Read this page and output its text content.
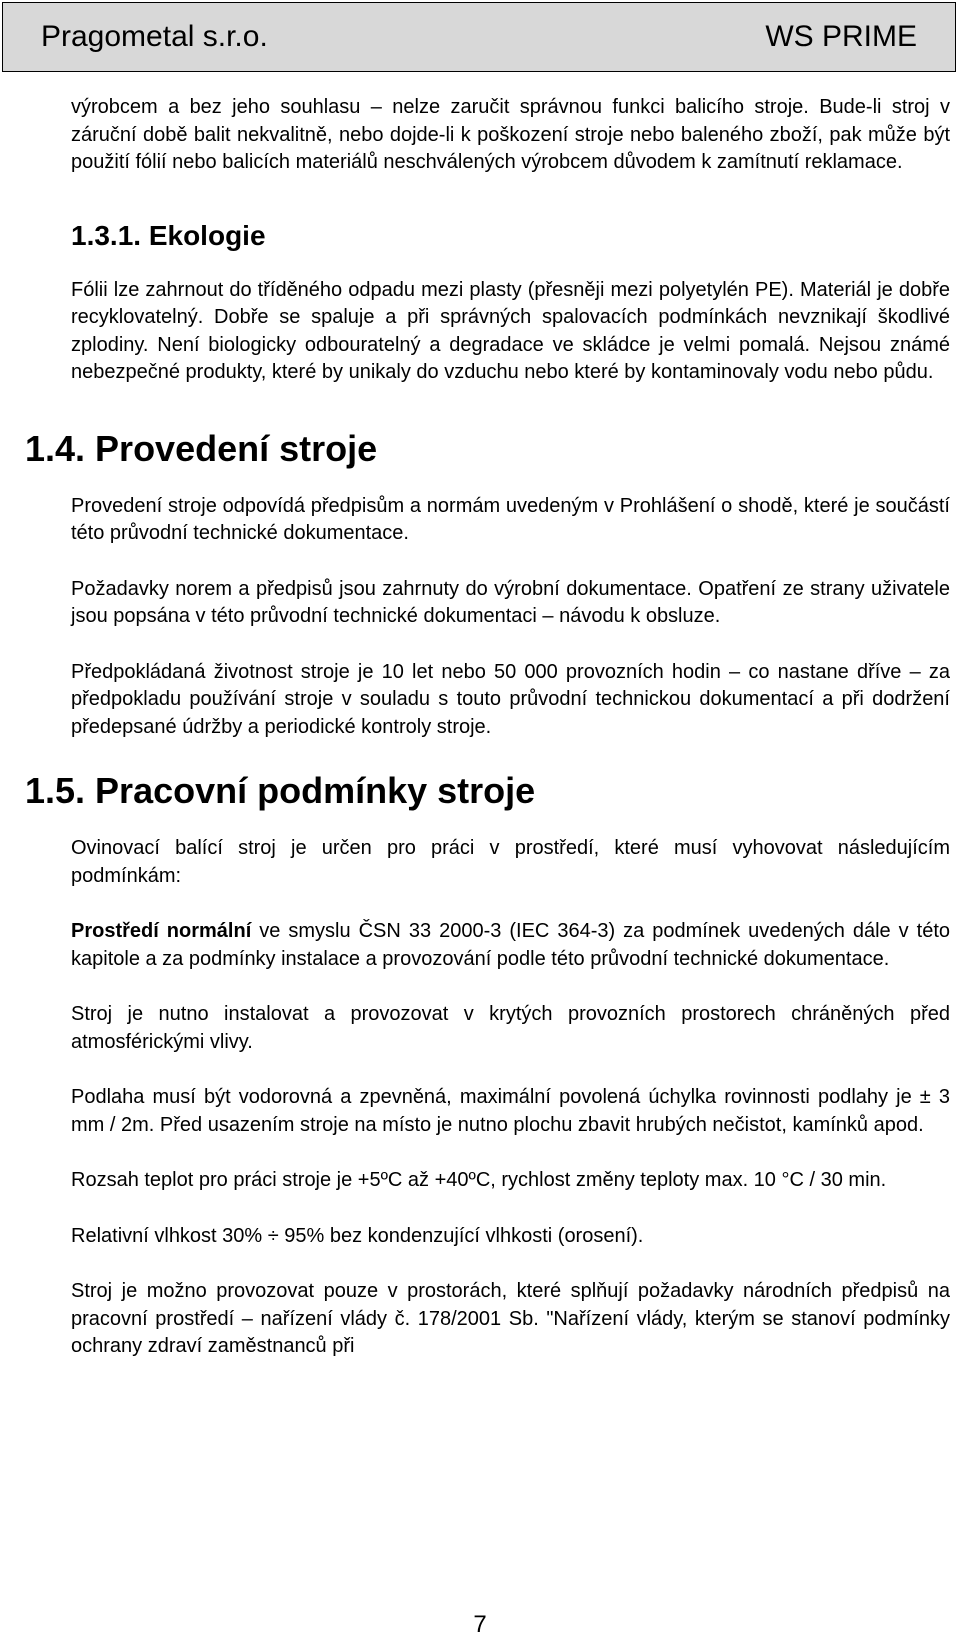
Pragometal s.r.o.	WS PRIME

výrobcem a bez jeho souhlasu – nelze zaručit správnou funkci balicího stroje. Bude-li stroj v záruční době balit nekvalitně, nebo dojde-li k poškození stroje nebo baleného zboží, pak může být použití fólií nebo balicích materiálů neschválených výrobcem důvodem k zamítnutí reklamace.

1.3.1. Ekologie

Fólii lze zahrnout do tříděného odpadu mezi plasty (přesněji mezi polyetylén PE). Materiál je dobře recyklovatelný. Dobře se spaluje a při správných spalovacích podmínkách nevznikají škodlivé zplodiny. Není biologicky odbouratelný a degradace ve skládce je velmi pomalá. Nejsou známé nebezpečné produkty, které by unikaly do vzduchu nebo které by kontaminovaly vodu nebo půdu.

1.4. Provedení stroje

Provedení stroje odpovídá předpisům a normám uvedeným v Prohlášení o shodě, které je součástí této průvodní technické dokumentace.

Požadavky norem a předpisů jsou zahrnuty do výrobní dokumentace. Opatření ze strany uživatele jsou popsána v této průvodní technické dokumentaci – návodu k obsluze.

Předpokládaná životnost stroje je 10 let nebo 50 000 provozních hodin – co nastane dříve – za předpokladu používání stroje v souladu s touto průvodní technickou dokumentací a při dodržení předepsané údržby a periodické kontroly stroje.

1.5. Pracovní podmínky stroje

Ovinovací balící stroj je určen pro práci v prostředí, které musí vyhovovat následujícím podmínkám:

Prostředí normální ve smyslu ČSN 33 2000-3 (IEC 364-3) za podmínek uvedených dále v této kapitole a za podmínky instalace a provozování podle této průvodní technické dokumentace.

Stroj je nutno instalovat a provozovat v krytých provozních prostorech chráněných před atmosférickými vlivy.

Podlaha musí být vodorovná a zpevněná, maximální povolená úchylka rovinnosti podlahy je ± 3 mm / 2m. Před usazením stroje na místo je nutno plochu zbavit hrubých nečistot, kamínků apod.

Rozsah teplot pro práci stroje je +5ºC až +40ºC, rychlost změny teploty max. 10 °C / 30 min.

Relativní vlhkost 30% ÷ 95% bez kondenzující vlhkosti (orosení).

Stroj je možno provozovat pouze v prostorách, které splňují požadavky národních předpisů na pracovní prostředí – nařízení vlády č. 178/2001 Sb. "Nařízení vlády, kterým se stanoví podmínky ochrany zdraví zaměstnanců při

7
